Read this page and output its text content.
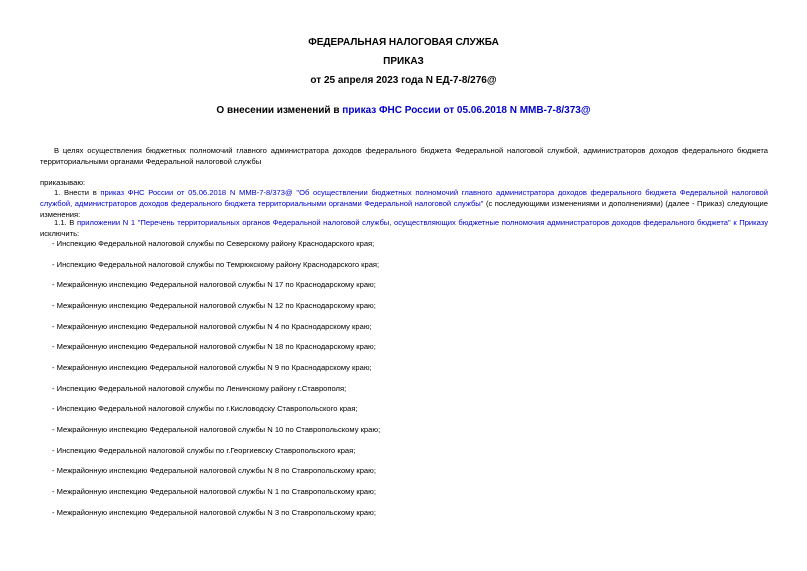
ФЕДЕРАЛЬНАЯ НАЛОГОВАЯ СЛУЖБА
ПРИКАЗ
от 25 апреля 2023 года N ЕД-7-8/276@
О внесении изменений в приказ ФНС России от 05.06.2018 N ММВ-7-8/373@
В целях осуществления бюджетных полномочий главного администратора доходов федерального бюджета Федеральной налоговой службой, администраторов доходов федерального бюджета территориальными органами Федеральной налоговой службы
приказываю:
1. Внести в приказ ФНС России от 05.06.2018 N ММВ-7-8/373@ "Об осуществлении бюджетных полномочий главного администратора доходов федерального бюджета Федеральной налоговой службой, администраторов доходов федерального бюджета территориальными органами Федеральной налоговой службы" (с последующими изменениями и дополнениями) (далее - Приказ) следующие изменения:
1.1. В приложении N 1 "Перечень территориальных органов Федеральной налоговой службы, осуществляющих бюджетные полномочия администраторов доходов федерального бюджета" к Приказу исключить:
- Инспекцию Федеральной налоговой службы по Северскому району Краснодарского края;
- Инспекцию Федеральной налоговой службы по Темрюкскому району Краснодарского края;
- Межрайонную инспекцию Федеральной налоговой службы N 17 по Краснодарскому краю;
- Межрайонную инспекцию Федеральной налоговой службы N 12 по Краснодарскому краю;
- Межрайонную инспекцию Федеральной налоговой службы N 4 по Краснодарскому краю;
- Межрайонную инспекцию Федеральной налоговой службы N 18 по Краснодарскому краю;
- Межрайонную инспекцию Федеральной налоговой службы N 9 по Краснодарскому краю;
- Инспекцию Федеральной налоговой службы по Ленинскому району г.Ставрополя;
- Инспекцию Федеральной налоговой службы по г.Кисловодску Ставропольского края;
- Межрайонную инспекцию Федеральной налоговой службы N 10 по Ставропольскому краю;
- Инспекцию Федеральной налоговой службы по г.Георгиевску Ставропольского края;
- Межрайонную инспекцию Федеральной налоговой службы N 8 по Ставропольскому краю;
- Межрайонную инспекцию Федеральной налоговой службы N 1 по Ставропольскому краю;
- Межрайонную инспекцию Федеральной налоговой службы N 3 по Ставропольскому краю;
